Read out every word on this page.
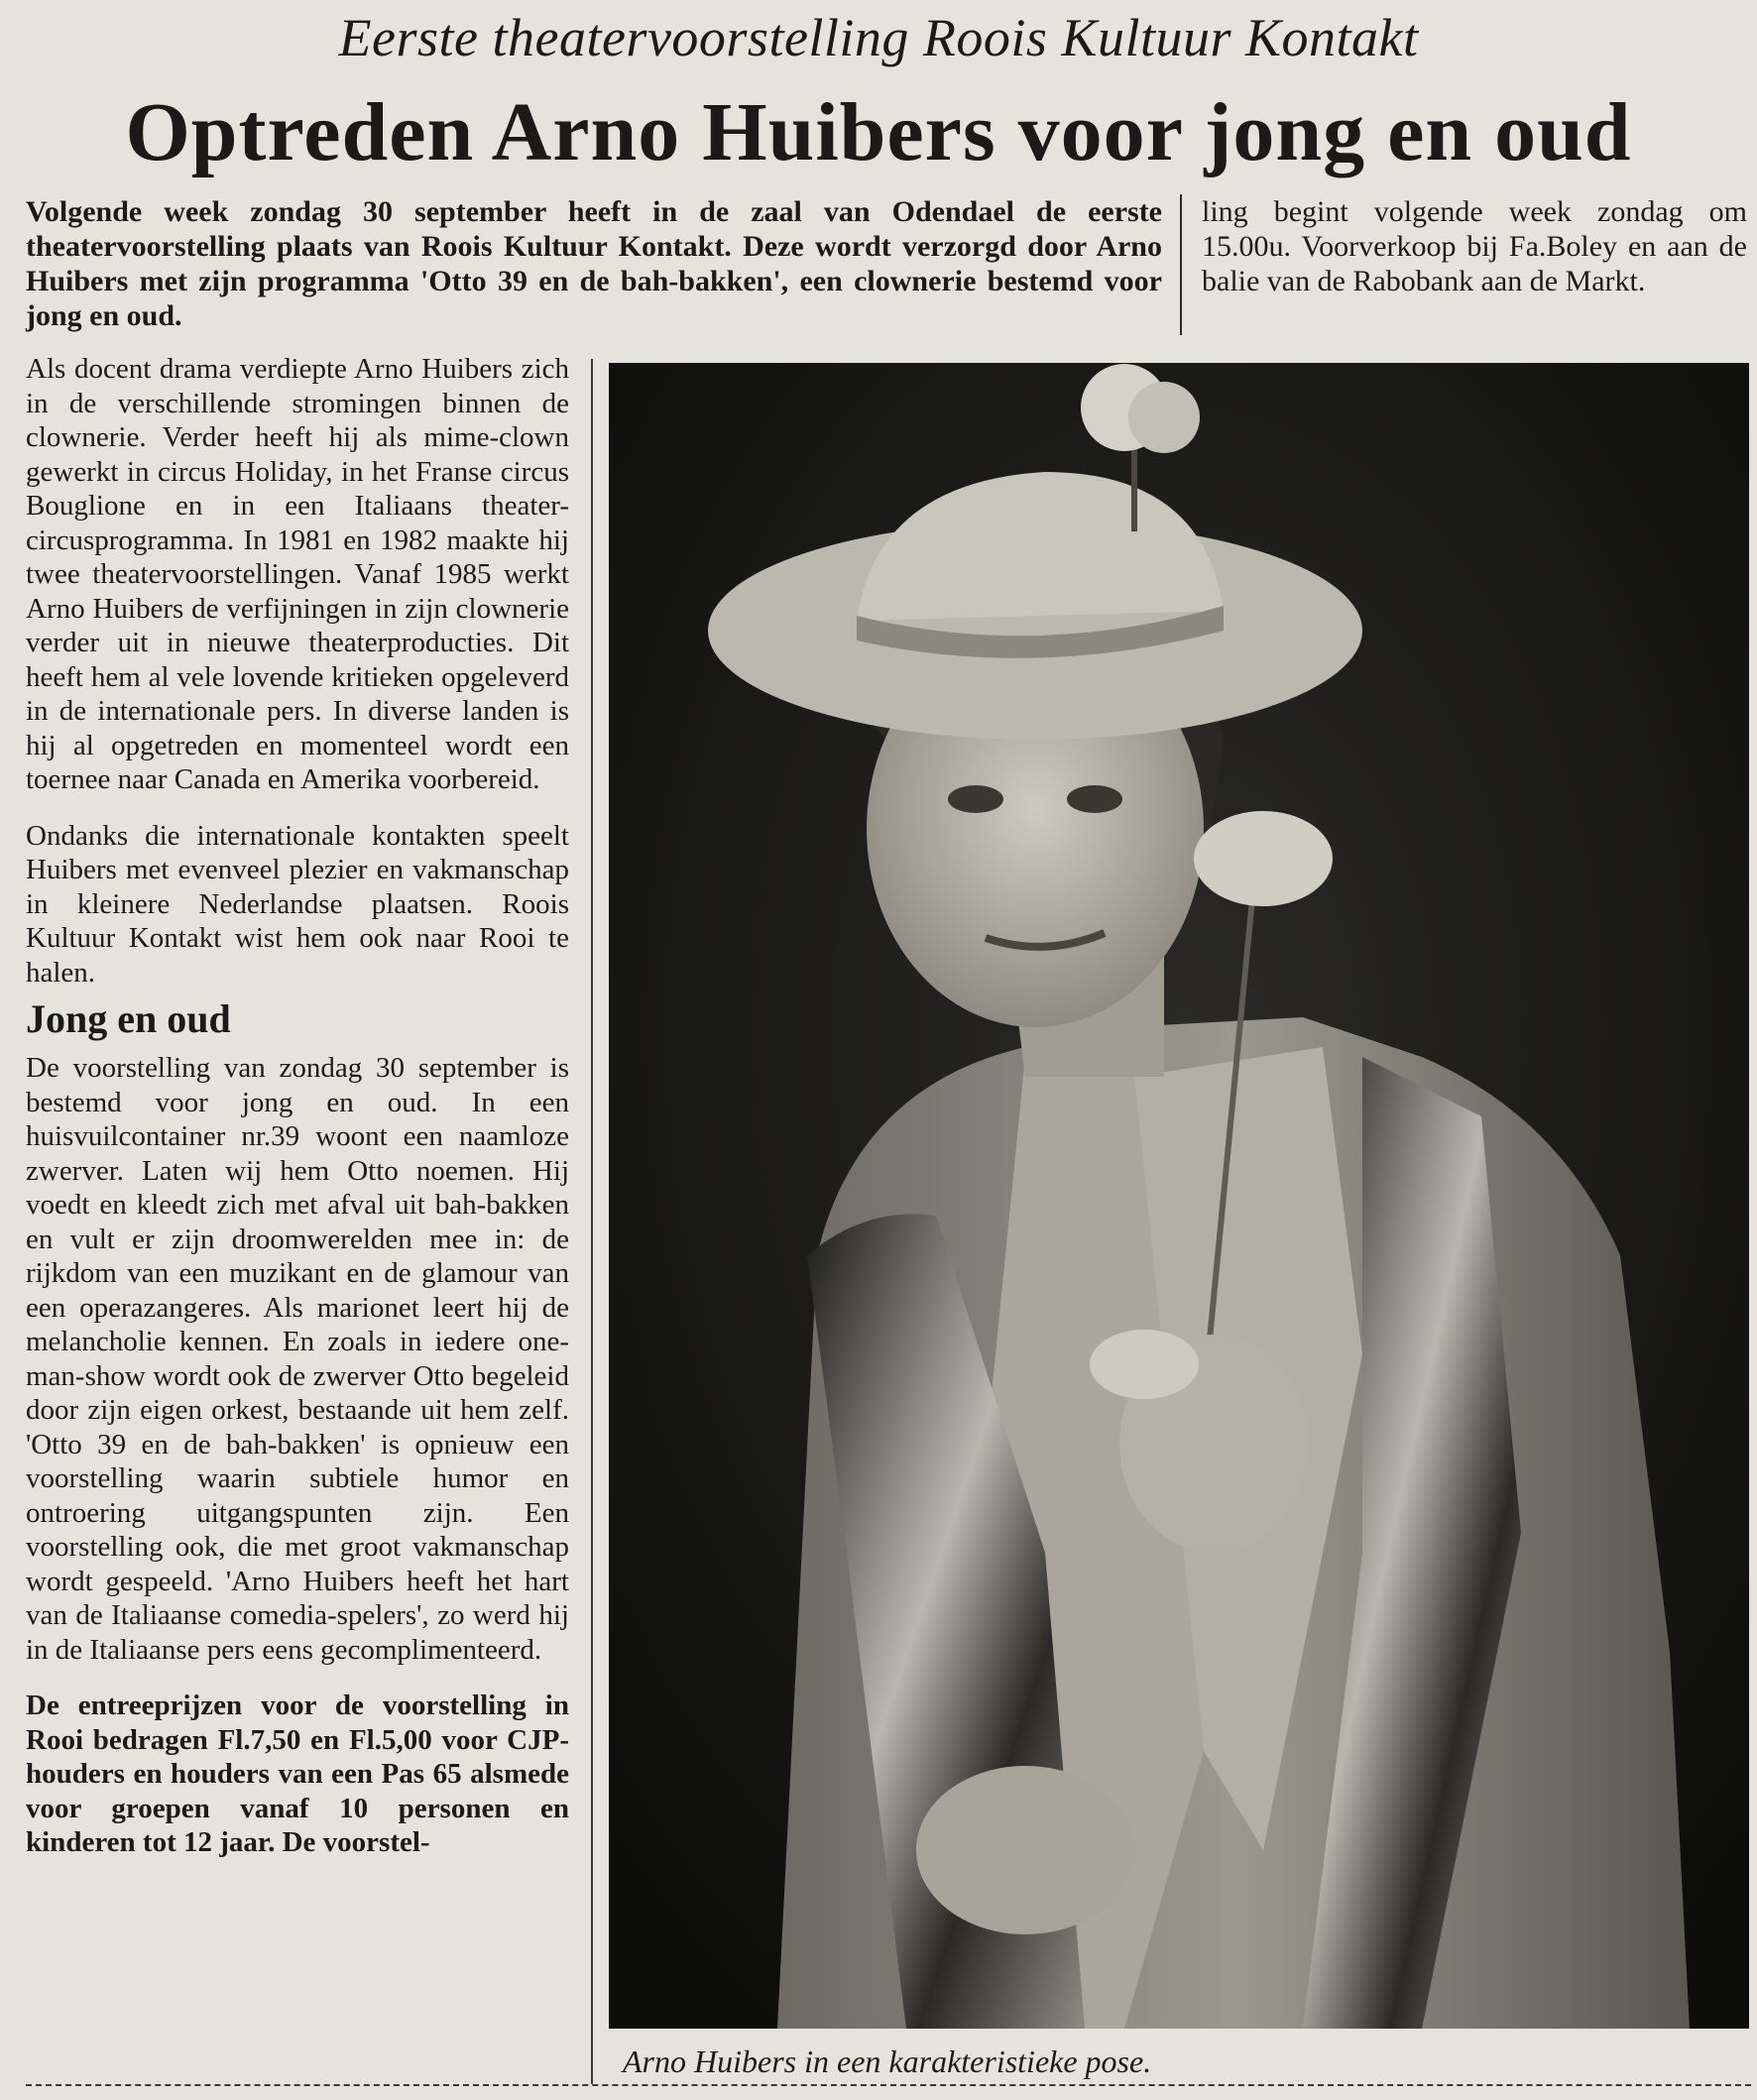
Eerste theatervoorstelling Roois Kultuur Kontakt
Optreden Arno Huibers voor jong en oud

Volgende week zondag 30 september heeft in de zaal van Odendael de eerste theatervoorstelling plaats van Roois Kultuur Kontakt. Deze wordt verzorgd door Arno Huibers met zijn programma 'Otto 39 en de bah-bakken', een clownerie bestemd voor jong en oud.

ling begint volgende week zondag om 15.00u. Voorverkoop bij Fa.Boley en aan de balie van de Rabobank aan de Markt.

Als docent drama verdiepte Arno Huibers zich in de verschillende stromingen binnen de clownerie. Verder heeft hij als mime-clown gewerkt in circus Holiday, in het Franse circus Bouglione en in een Italiaans theater-circusprogramma. In 1981 en 1982 maakte hij twee theatervoorstellingen. Vanaf 1985 werkt Arno Huibers de verfijningen in zijn clownerie verder uit in nieuwe theaterproducties. Dit heeft hem al vele lovende kritieken opgeleverd in de internationale pers. In diverse landen is hij al opgetreden en momenteel wordt een toernee naar Canada en Amerika voorbereid.

Ondanks die internationale kontakten speelt Huibers met evenveel plezier en vakmanschap in kleinere Nederlandse plaatsen. Roois Kultuur Kontakt wist hem ook naar Rooi te halen.

Jong en oud

De voorstelling van zondag 30 september is bestemd voor jong en oud. In een huisvuilcontainer nr.39 woont een naamloze zwerver. Laten wij hem Otto noemen. Hij voedt en kleedt zich met afval uit bah-bakken en vult er zijn droomwerelden mee in: de rijkdom van een muzikant en de glamour van een operazangeres. Als marionet leert hij de melancholie kennen. En zoals in iedere one-man-show wordt ook de zwerver Otto begeleid door zijn eigen orkest, bestaande uit hem zelf. 'Otto 39 en de bah-bakken' is opnieuw een voorstelling waarin subtiele humor en ontroering uitgangspunten zijn. Een voorstelling ook, die met groot vakmanschap wordt gespeeld. 'Arno Huibers heeft het hart van de Italiaanse comedia-spelers', zo werd hij in de Italiaanse pers eens gecomplimenteerd.

De entreeprijzen voor de voorstelling in Rooi bedragen Fl.7,50 en Fl.5,00 voor CJP-houders en houders van een Pas 65 alsmede voor groepen vanaf 10 personen en kinderen tot 12 jaar. De voorstel-

Arno Huibers in een karakteristieke pose.
